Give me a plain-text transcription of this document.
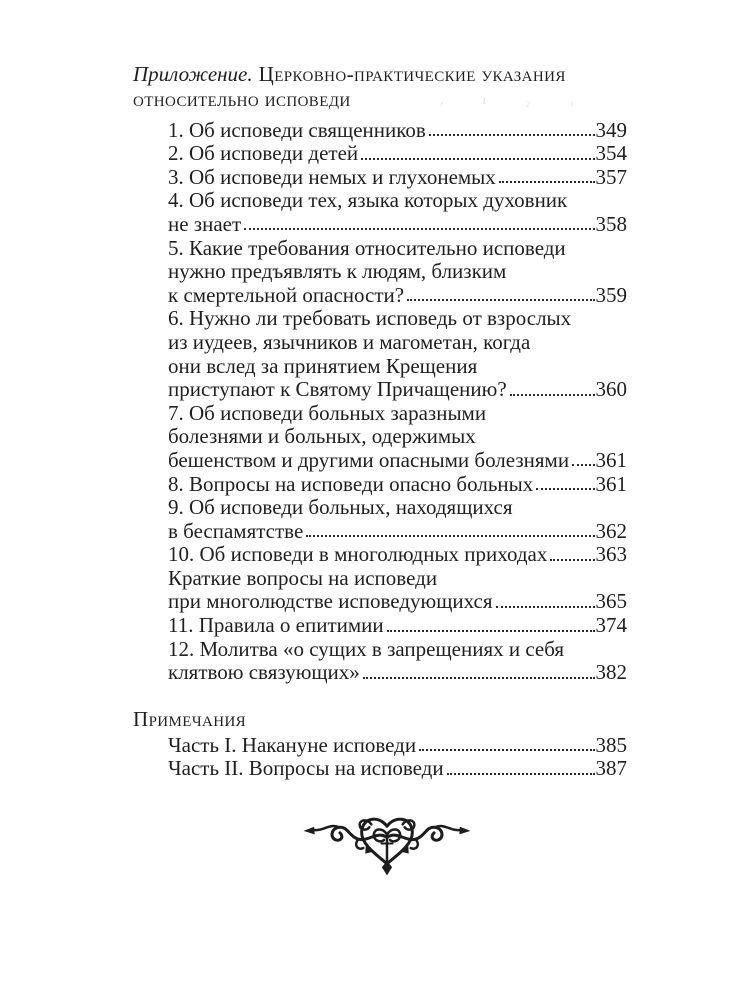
, ι ₂ ₃
Приложение. Церковно-практические указания
относительно исповеди
1. Об исповеди священников	349
2. Об исповеди детей	354
3. Об исповеди немых и глухонемых	357
4. Об исповеди тех, языка которых духовник
не знает	358
5. Какие требования относительно исповеди
нужно предъявлять к людям, близким
к смертельной опасности?	359
6. Нужно ли требовать исповедь от взрослых
из иудеев, язычников и магометан, когда
они вслед за принятием Крещения
приступают к Святому Причащению?	360
7. Об исповеди больных заразными
болезнями и больных, одержимых
бешенством и другими опасными болезнями 361
8. Вопросы на исповеди опасно больных	361
9. Об исповеди больных, находящихся
в беспамятстве	362
10. Об исповеди в многолюдных приходах 363
Краткие вопросы на исповеди
при многолюдстве исповедующихся	365
11. Правила о епитимии	374
12. Молитва «о сущих в запрещениях и себя
клятвою связующих»	382
Примечания
Часть I. Накануне исповеди	385
Часть II. Вопросы на исповеди	387
